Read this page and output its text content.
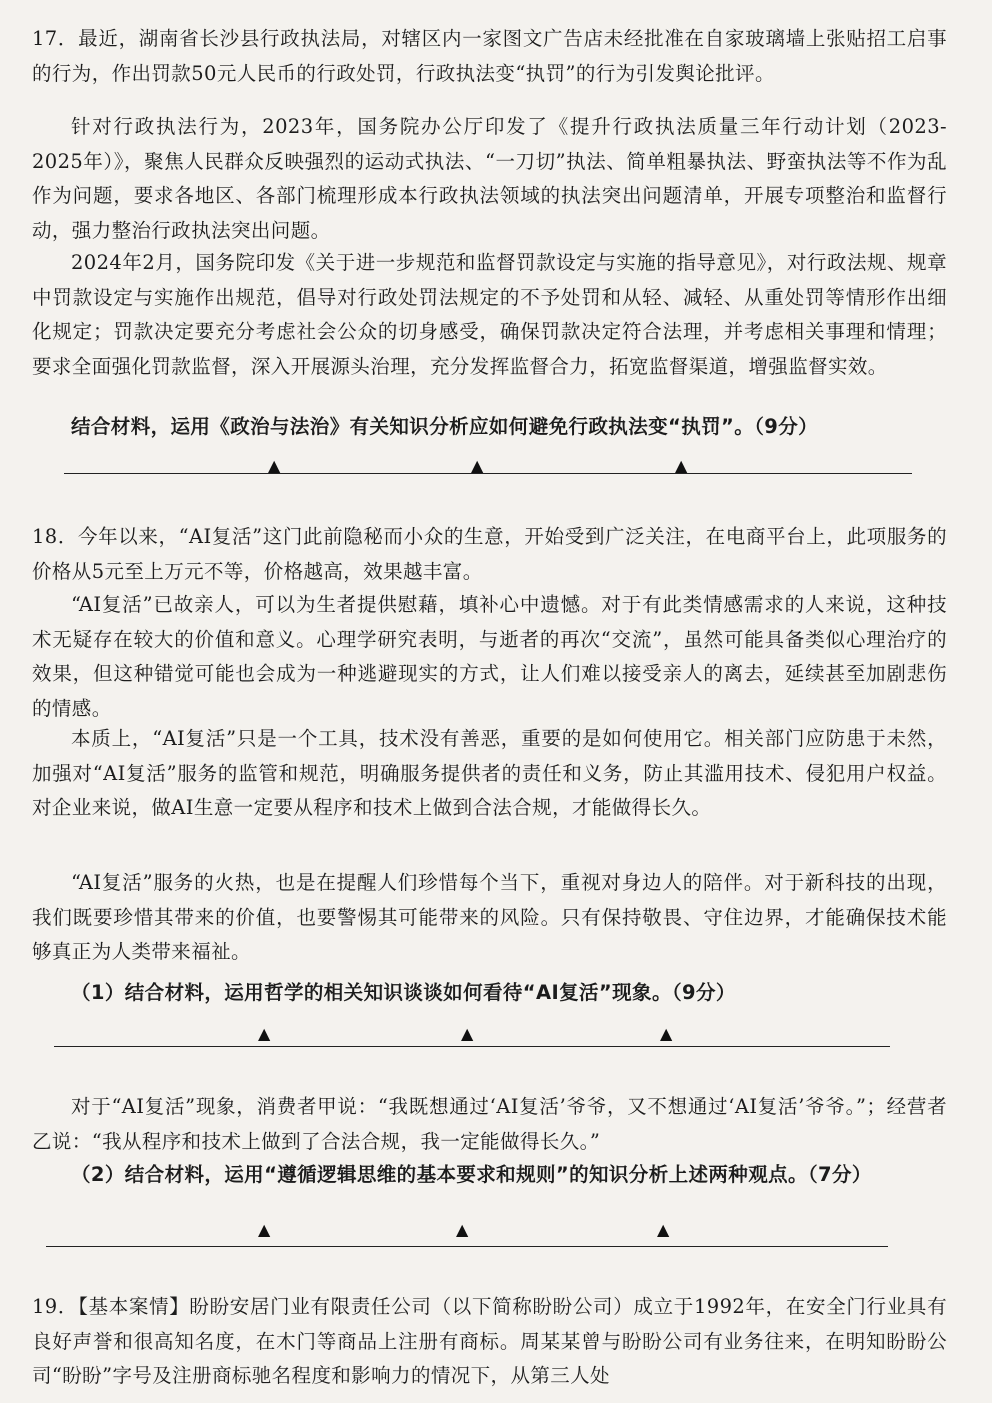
17．最近，湖南省长沙县行政执法局，对辖区内一家图文广告店未经批准在自家玻璃墙上张贴招工启事的行为，作出罚款50元人民币的行政处罚，行政执法变“执罚”的行为引发舆论批评。

针对行政执法行为，2023年，国务院办公厅印发了《提升行政执法质量三年行动计划（2023-2025年）》，聚焦人民群众反映强烈的运动式执法、“一刀切”执法、简单粗暴执法、野蛮执法等不作为乱作为问题，要求各地区、各部门梳理形成本行政执法领域的执法突出问题清单，开展专项整治和监督行动，强力整治行政执法突出问题。

2024年2月，国务院印发《关于进一步规范和监督罚款设定与实施的指导意见》，对行政法规、规章中罚款设定与实施作出规范，倡导对行政处罚法规定的不予处罚和从轻、减轻、从重处罚等情形作出细化规定；罚款决定要充分考虑社会公众的切身感受，确保罚款决定符合法理，并考虑相关事理和情理；要求全面强化罚款监督，深入开展源头治理，充分发挥监督合力，拓宽监督渠道，增强监督实效。

结合材料，运用《政治与法治》有关知识分析应如何避免行政执法变“执罚”。（9分）

▲	▲	▲

18．今年以来，“AI复活”这门此前隐秘而小众的生意，开始受到广泛关注，在电商平台上，此项服务的价格从5元至上万元不等，价格越高，效果越丰富。

“AI复活”已故亲人，可以为生者提供慰藉，填补心中遗憾。对于有此类情感需求的人来说，这种技术无疑存在较大的价值和意义。心理学研究表明，与逝者的再次“交流”，虽然可能具备类似心理治疗的效果，但这种错觉可能也会成为一种逃避现实的方式，让人们难以接受亲人的离去，延续甚至加剧悲伤的情感。

本质上，“AI复活”只是一个工具，技术没有善恶，重要的是如何使用它。相关部门应防患于未然，加强对“AI复活”服务的监管和规范，明确服务提供者的责任和义务，防止其滥用技术、侵犯用户权益。对企业来说，做AI生意一定要从程序和技术上做到合法合规，才能做得长久。

“AI复活”服务的火热，也是在提醒人们珍惜每个当下，重视对身边人的陪伴。对于新科技的出现，我们既要珍惜其带来的价值，也要警惕其可能带来的风险。只有保持敬畏、守住边界，才能确保技术能够真正为人类带来福祉。

（1）结合材料，运用哲学的相关知识谈谈如何看待“AI复活”现象。（9分）

▲	▲	▲

对于“AI复活”现象，消费者甲说：“我既想通过‘AI复活’爷爷，又不想通过‘AI复活’爷爷。”；经营者乙说：“我从程序和技术上做到了合法合规，我一定能做得长久。”

（2）结合材料，运用“遵循逻辑思维的基本要求和规则”的知识分析上述两种观点。（7分）

▲	▲	▲

19．【基本案情】盼盼安居门业有限责任公司（以下简称盼盼公司）成立于1992年，在安全门行业具有良好声誉和很高知名度，在木门等商品上注册有商标。周某某曾与盼盼公司有业务往来，在明知盼盼公司“盼盼”字号及注册商标驰名程度和影响力的情况下，从第三人处
